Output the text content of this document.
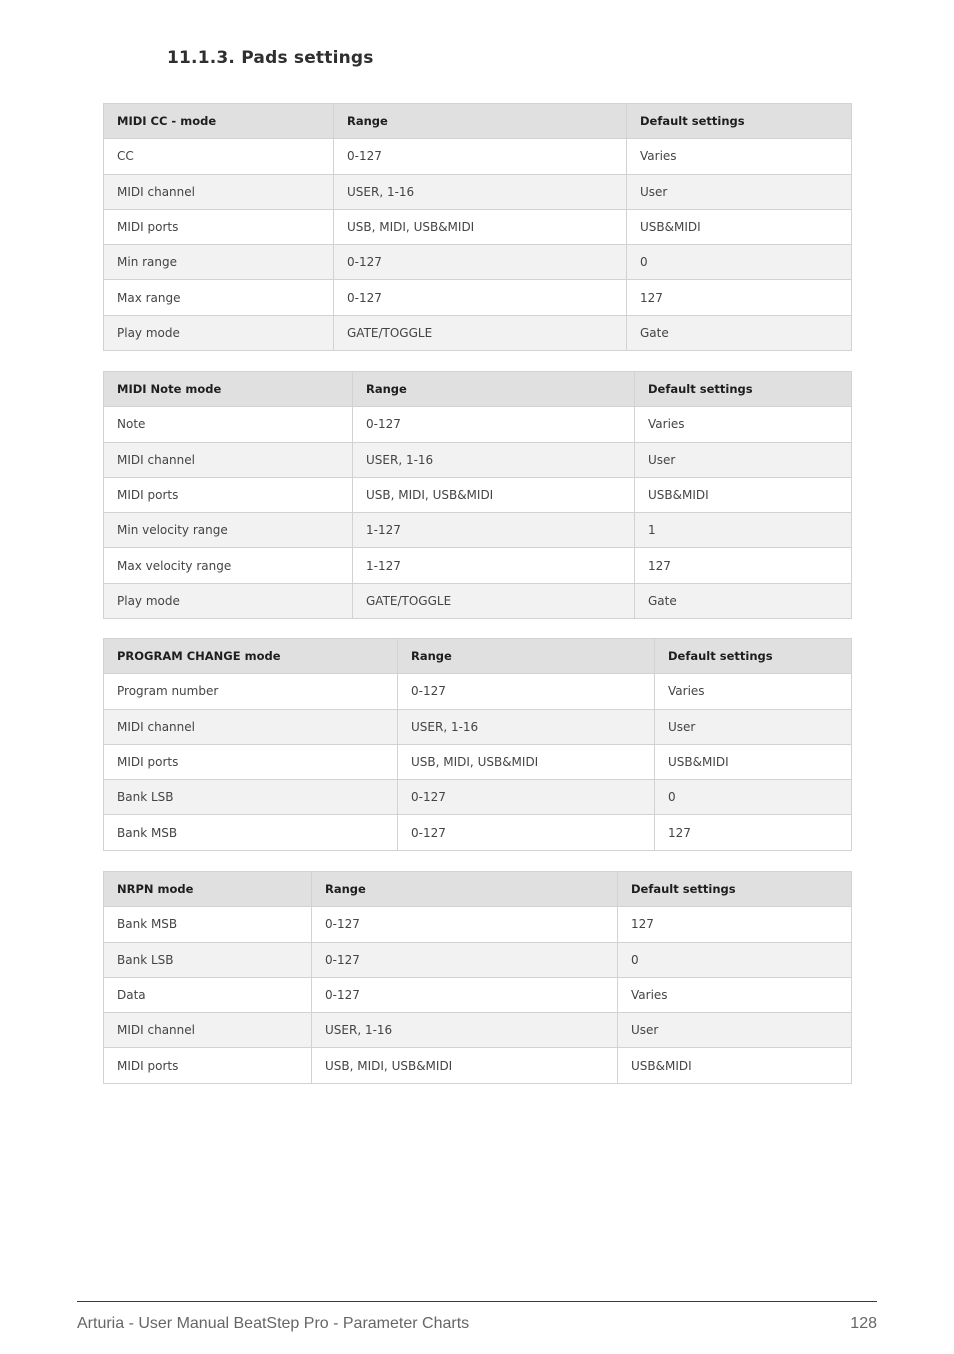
11.1.3. Pads settings
MIDI CC - mode	Range	Default settings
CC	0-127	Varies
MIDI channel	USER, 1-16	User
MIDI ports	USB, MIDI, USB&MIDI	USB&MIDI
Min range	0-127	0
Max range	0-127	127
Play mode	GATE/TOGGLE	Gate
MIDI Note mode	Range	Default settings
Note	0-127	Varies
MIDI channel	USER, 1-16	User
MIDI ports	USB, MIDI, USB&MIDI	USB&MIDI
Min velocity range	1-127	1
Max velocity range	1-127	127
Play mode	GATE/TOGGLE	Gate
PROGRAM CHANGE mode	Range	Default settings
Program number	0-127	Varies
MIDI channel	USER, 1-16	User
MIDI ports	USB, MIDI, USB&MIDI	USB&MIDI
Bank LSB	0-127	0
Bank MSB	0-127	127
NRPN mode	Range	Default settings
Bank MSB	0-127	127
Bank LSB	0-127	0
Data	0-127	Varies
MIDI channel	USER, 1-16	User
MIDI ports	USB, MIDI, USB&MIDI	USB&MIDI
Arturia - User Manual BeatStep Pro - Parameter Charts	128
